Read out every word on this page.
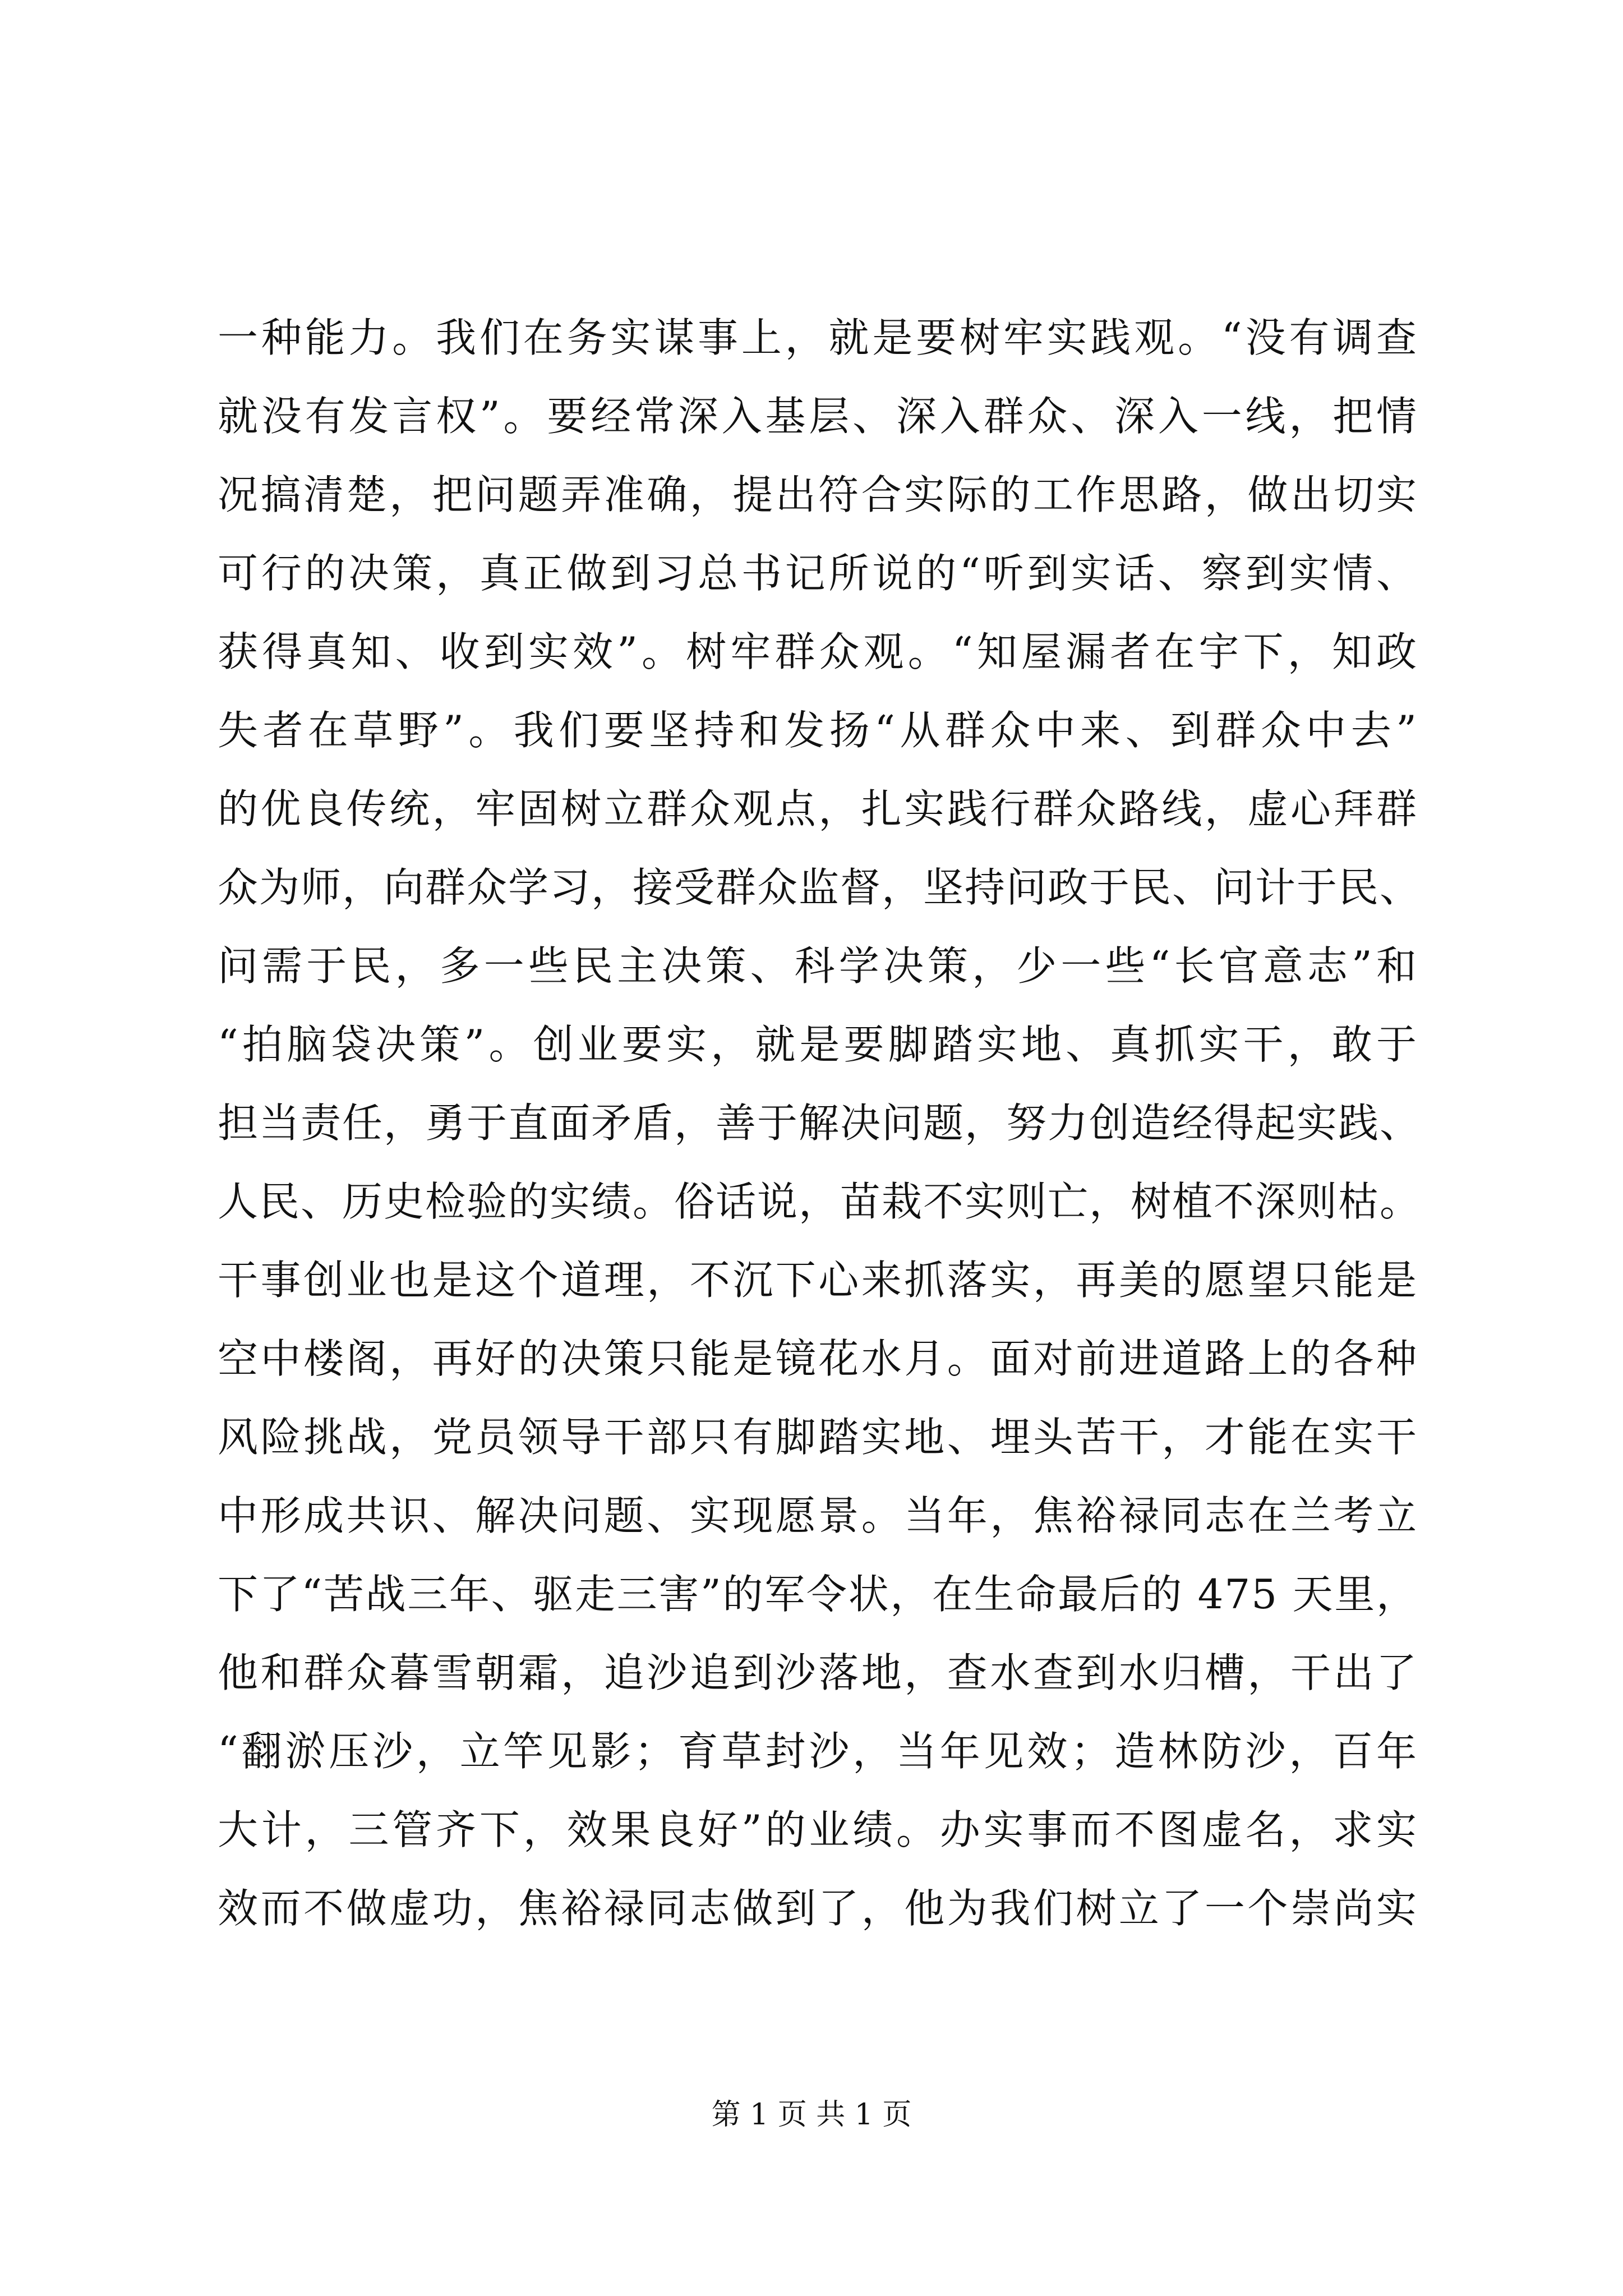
一种能力。我们在务实谋事上，就是要树牢实践观。“没有调查
就没有发言权”。要经常深入基层、深入群众、深入一线，把情
况搞清楚，把问题弄准确，提出符合实际的工作思路，做出切实
可行的决策，真正做到习总书记所说的“听到实话、察到实情、
获得真知、收到实效”。树牢群众观。“知屋漏者在宇下，知政
失者在草野”。我们要坚持和发扬“从群众中来、到群众中去”
的优良传统，牢固树立群众观点，扎实践行群众路线，虚心拜群
众为师，向群众学习，接受群众监督，坚持问政于民、问计于民、
问需于民，多一些民主决策、科学决策，少一些“长官意志”和
“拍脑袋决策”。创业要实，就是要脚踏实地、真抓实干，敢于
担当责任，勇于直面矛盾，善于解决问题，努力创造经得起实践、
人民、历史检验的实绩。俗话说，苗栽不实则亡，树植不深则枯。
干事创业也是这个道理，不沉下心来抓落实，再美的愿望只能是
空中楼阁，再好的决策只能是镜花水月。面对前进道路上的各种
风险挑战，党员领导干部只有脚踏实地、埋头苦干，才能在实干
中形成共识、解决问题、实现愿景。当年，焦裕禄同志在兰考立
下了“苦战三年、驱走三害”的军令状，在生命最后的 475 天里，
他和群众暮雪朝霜，追沙追到沙落地，查水查到水归槽，干出了
“翻淤压沙，立竿见影；育草封沙，当年见效；造林防沙，百年
大计，三管齐下，效果良好”的业绩。办实事而不图虚名，求实
效而不做虚功，焦裕禄同志做到了，他为我们树立了一个崇尚实
第 1 页 共 1 页
